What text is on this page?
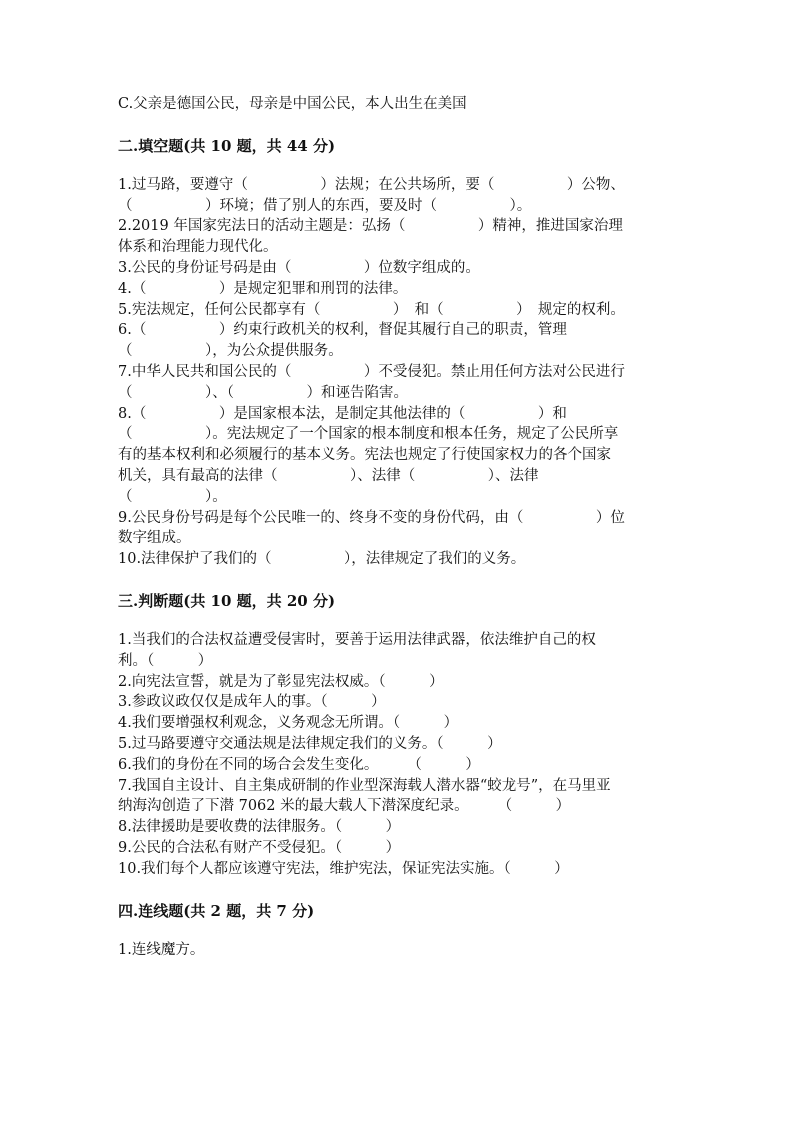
C.父亲是德国公民，母亲是中国公民，本人出生在美国

二.填空题(共 10 题，共 44 分)

1.过马路，要遵守（　　　　　）法规；在公共场所，要（　　　　　）公物、

（　　　　　）环境；借了别人的东西，要及时（　　　　　）。

2.2019 年国家宪法日的活动主题是：弘扬（　　　　　）精神，推进国家治理

体系和治理能力现代化。

3.公民的身份证号码是由（　　　　　）位数字组成的。

4.（　　　　　）是规定犯罪和刑罚的法律。

5.宪法规定，任何公民都享有（　　　　　）　和（　　　　　）　规定的权利。

6.（　　　　　）约束行政机关的权利，督促其履行自己的职责，管理

（　　　　　），为公众提供服务。

7.中华人民共和国公民的（　　　　　）不受侵犯。禁止用任何方法对公民进行

（　　　　　）、（　　　　　）和诬告陷害。

8.（　　　　　）是国家根本法，是制定其他法律的（　　　　　）和

（　　　　　）。宪法规定了一个国家的根本制度和根本任务，规定了公民所享

有的基本权利和必须履行的基本义务。宪法也规定了行使国家权力的各个国家

机关，具有最高的法律（　　　　　）、法律（　　　　　）、法律

（　　　　　）。

9.公民身份号码是每个公民唯一的、终身不变的身份代码，由（　　　　　）位

数字组成。

10.法律保护了我们的（　　　　　），法律规定了我们的义务。

三.判断题(共 10 题，共 20 分)

1.当我们的合法权益遭受侵害时，要善于运用法律武器，依法维护自己的权

利。（　　　）

2.向宪法宣誓，就是为了彰显宪法权威。（　　　）

3.参政议政仅仅是成年人的事。（　　　）

4.我们要增强权利观念，义务观念无所谓。（　　　）

5.过马路要遵守交通法规是法律规定我们的义务。（　　　）

6.我们的身份在不同的场合会发生变化。　　　（　　　）

7.我国自主设计、自主集成研制的作业型深海载人潜水器“蛟龙号”，在马里亚

纳海沟创造了下潜 7062 米的最大载人下潜深度纪录。　　　（　　　）

8.法律援助是要收费的法律服务。（　　　）

9.公民的合法私有财产不受侵犯。（　　　）

10.我们每个人都应该遵守宪法，维护宪法，保证宪法实施。（　　　）

四.连线题(共 2 题，共 7 分)

1.连线魔方。
